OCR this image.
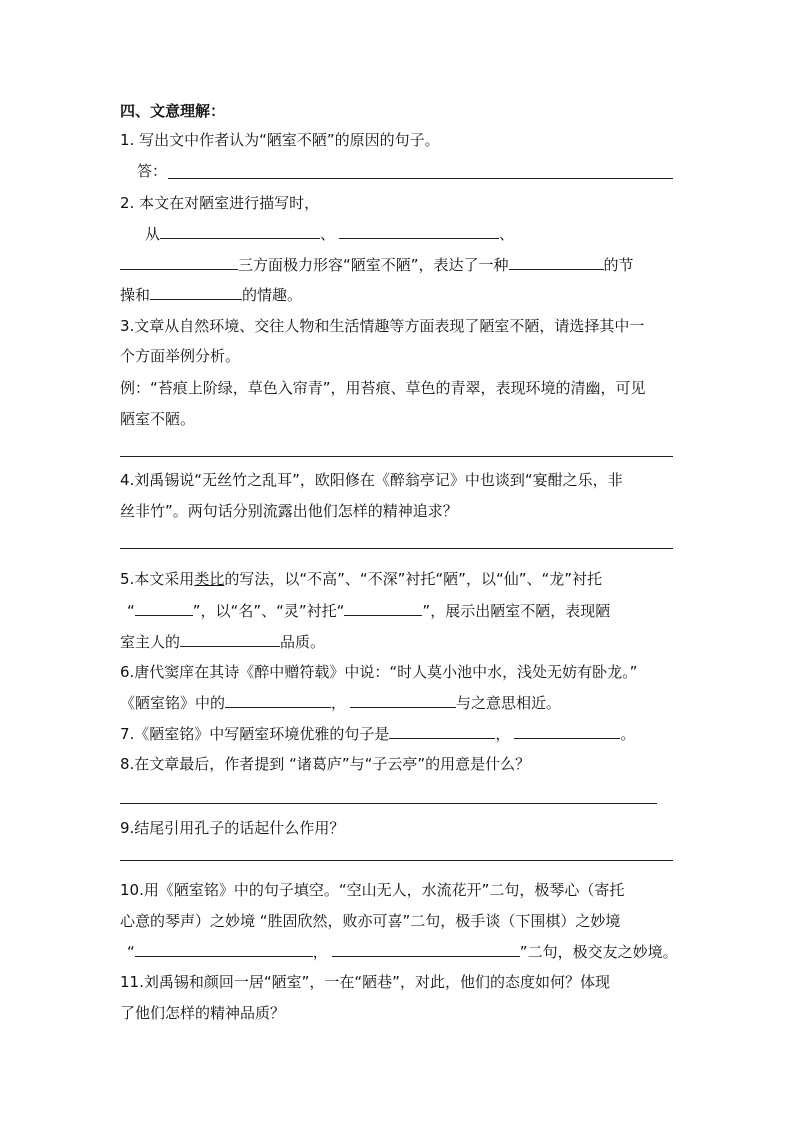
四、文意理解：
1. 写出文中作者认为“陋室不陋”的原因的句子。
答：
2. 本文在对陋室进行描写时，
从	、	、
三方面极力形容“陋室不陋”，表达了一种	的节
操和	的情趣。
3.文章从自然环境、交往人物和生活情趣等方面表现了陋室不陋，请选择其中一
个方面举例分析。
例：“苔痕上阶绿，草色入帘青”，用苔痕、草色的青翠，表现环境的清幽，可见
陋室不陋。
4.刘禹锡说“无丝竹之乱耳”，欧阳修在《醉翁亭记》中也谈到“宴酣之乐，非
丝非竹”。两句话分别流露出他们怎样的精神追求？
5.本文采用类比的写法，以“不高”、“不深”衬托“陋”，以“仙”、“龙”衬托
“	”，以“名”、“灵”衬托“	”，展示出陋室不陋，表现陋
室主人的	品质。
6.唐代窦庠在其诗《醉中赠符载》中说：“时人莫小池中水，浅处无妨有卧龙。”
《陋室铭》中的	，	与之意思相近。
7.《陋室铭》中写陋室环境优雅的句子是	，	。
8.在文章最后，作者提到 “诸葛庐”与“子云亭”的用意是什么？
9.结尾引用孔子的话起什么作用？
10.用《陋室铭》中的句子填空。“空山无人，水流花开”二句，极琴心（寄托
心意的琴声）之妙境 “胜固欣然，败亦可喜”二句，极手谈（下围棋）之妙境
“	，	”二句，极交友之妙境。
11.刘禹锡和颜回一居“陋室”，一在“陋巷”，对此，他们的态度如何？体现
了他们怎样的精神品质？
